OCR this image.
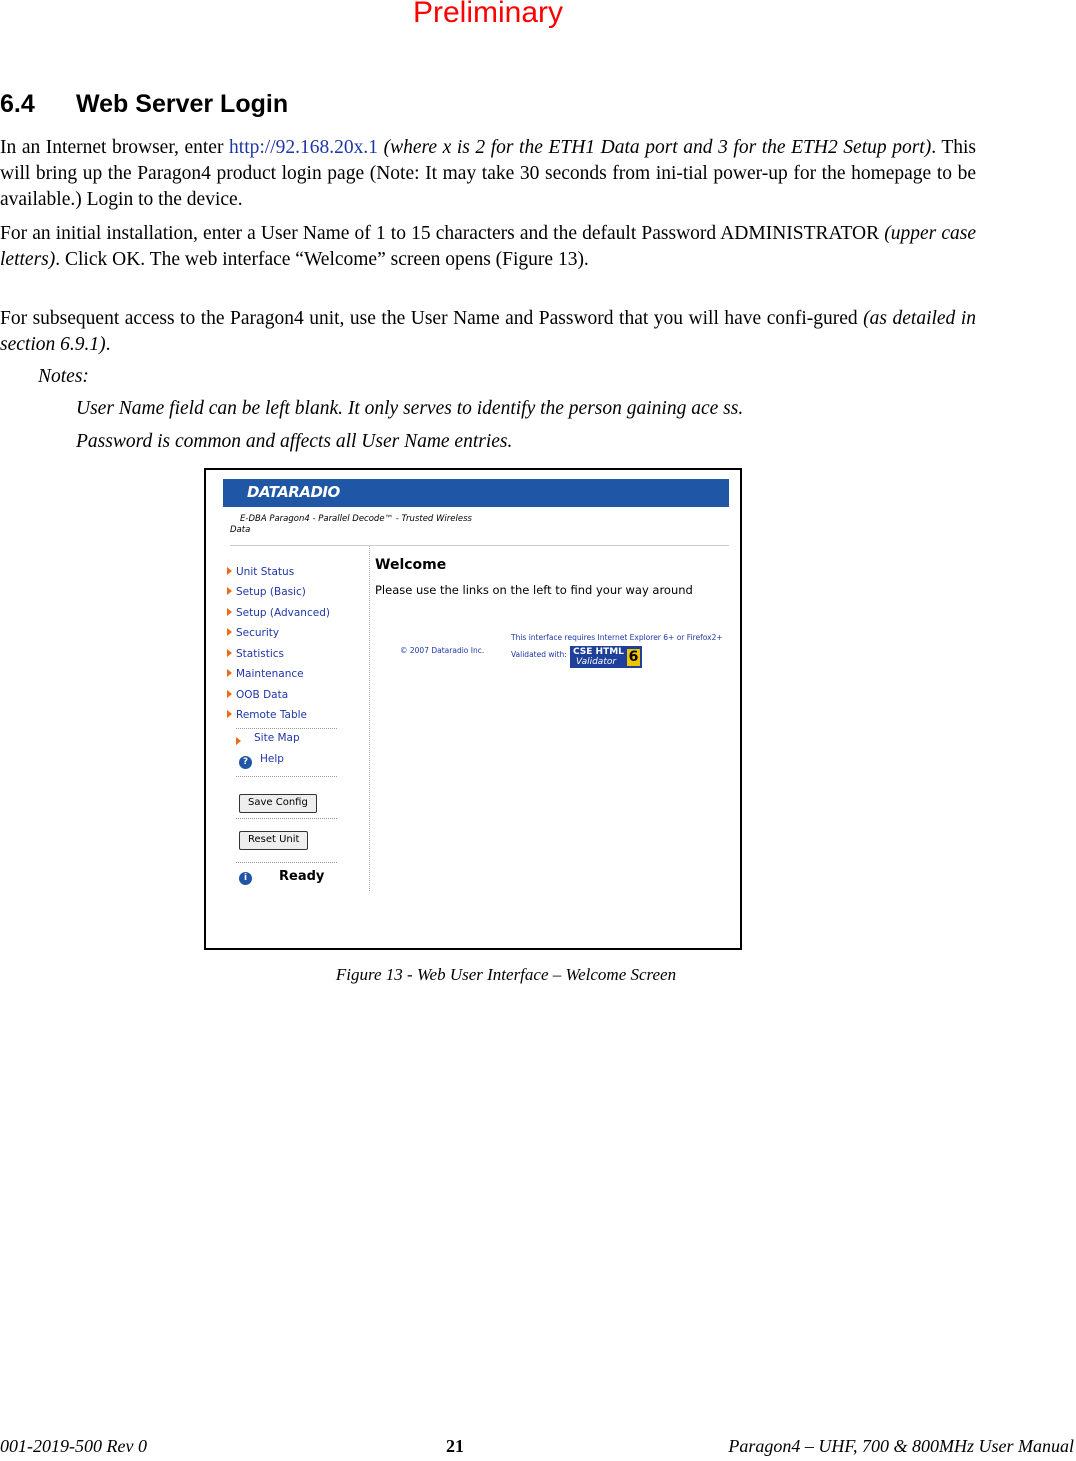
Preliminary
6.4 Web Server Login
In an Internet browser, enter http://92.168.20x.1 (where x is 2 for the ETH1 Data port and 3 for the ETH2 Setup port). This will bring up the Paragon4 product login page (Note: It may take 30 seconds from ini-tial power-up for the homepage to be available.) Login to the device.
For an initial installation, enter a User Name of 1 to 15 characters and the default Password ADMINISTRATOR (upper case letters). Click OK. The web interface “Welcome” screen opens (Figure 13).
For subsequent access to the Paragon4 unit, use the User Name and Password that you will have confi-gured (as detailed in section 6.9.1).
Notes:
User Name field can be left blank. It only serves to identify the person gaining ace ss.
Password is common and affects all User Name entries.
DATARADIO
E-DBA Paragon4 - Parallel Decode™ - Trusted Wireless
Data
Unit Status
Setup (Basic)
Setup (Advanced)
Security
Statistics
Maintenance
OOB Data
Remote Table
Site Map
?	Help
Save Config
Reset Unit
i	Ready
Welcome
Please use the links on the left to find your way around
© 2007 Dataradio Inc.
This interface requires Internet Explorer 6+ or Firefox2+
Validated with: CSE HTML
Validator 6
Figure 13 - Web User Interface – Welcome Screen
001-2019-500 Rev 0	21	Paragon4 – UHF, 700 & 800MHz User Manual
